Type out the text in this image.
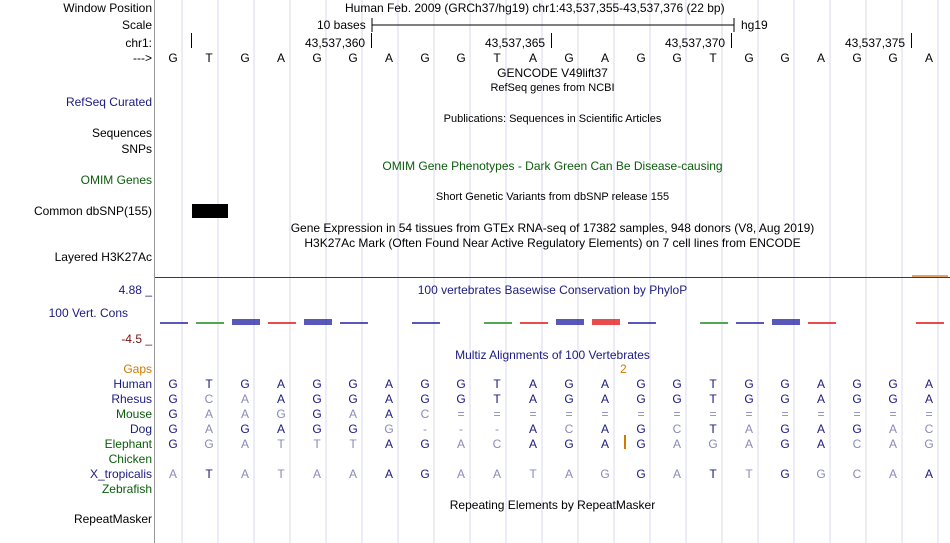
Window Position	Human Feb. 2009 (GRCh37/hg19) chr1:43,537,355-43,537,376 (22 bp)
Scale	10 bases	hg19
chr1:	43,537,360	43,537,365	43,537,370	43,537,375
--->	G	T	G	A	G	G	A	G	G	T	A	G	A	G	G	T	G	G	A	G	G	A
GENCODE V49lift37
RefSeq genes from NCBI
RefSeq Curated
Publications: Sequences in Scientific Articles
Sequences
SNPs
OMIM Gene Phenotypes - Dark Green Can Be Disease-causing
OMIM Genes
Short Genetic Variants from dbSNP release 155
Common dbSNP(155)
Gene Expression in 54 tissues from GTEx RNA-seq of 17382 samples, 948 donors (V8, Aug 2019)
H3K27Ac Mark (Often Found Near Active Regulatory Elements) on 7 cell lines from ENCODE
Layered H3K27Ac
4.88 _	100 vertebrates Basewise Conservation by PhyloP
100 Vert. Cons
-4.5 _
Multiz Alignments of 100 Vertebrates
Gaps	2
Human	G	T	G	A	G	G	A	G	G	T	A	G	A	G	G	T	G	G	A	G	G	A
Rhesus	G	C	A	A	G	G	A	G	G	T	A	G	A	G	G	T	G	G	A	G	G	A
Mouse	G	A	A	G	G	A	A	C	=	=	=	=	=	=	=	=	=	=	=	=	=	=
Dog	G	A	G	A	G	G	G	-	-	-	A	C	A	G	C	T	A	G	A	G	A	C
Elephant	G	G	A	T	T	T	A	G	A	C	A	G	A	G	A	G	A	G	A	C	A	G
Chicken
X_tropicalis	A	T	A	T	A	A	A	G	A	A	T	A	G	G	A	T	T	G	G	C	A	A
Zebrafish
Repeating Elements by RepeatMasker
RepeatMasker
